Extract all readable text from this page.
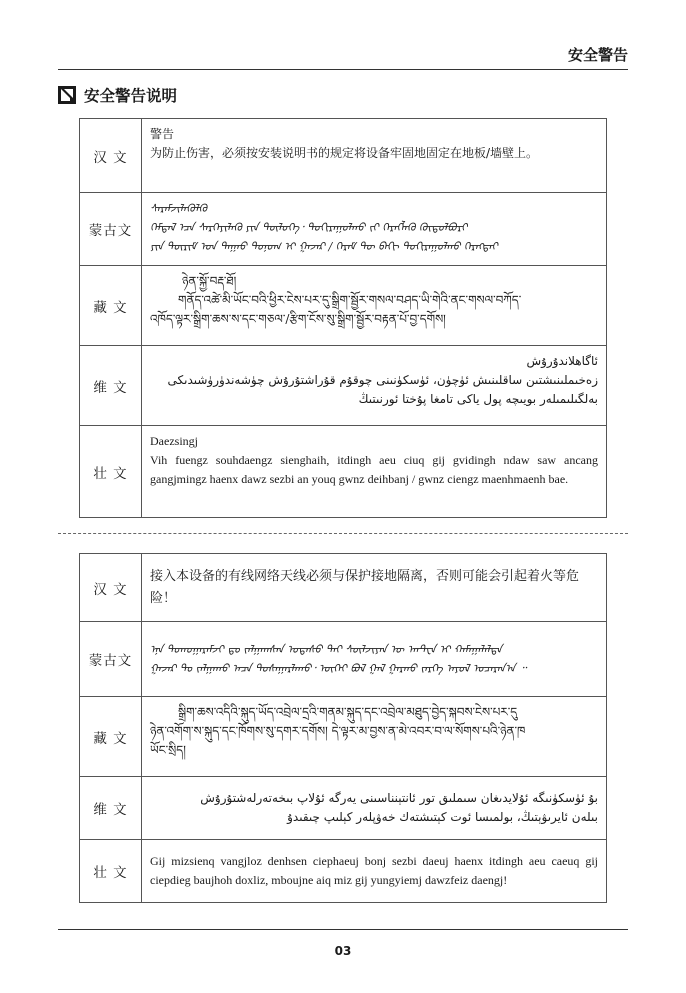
安全警告
安全警告说明
汉 文	警告
为防止伤害，必须按安装说明书的规定将设备牢固地固定在地板/墙壁上。

蒙古文	ᠰᠡᠷᠡᠮᠵᠢᠯᠡᠭᠦᠯᠬᠦ
ᠭᠡᠮᠲᠡᠯ ᠡᠴᠡ ᠰᠡᠷᠭᠡᠶᠢᠯᠡᠬᠦ ᠶᠢᠨ ᠲᠥᠯᠦᠭᠡ᠂ ᠲᠤᠬᠢᠷᠠᠭᠤᠯᠬᠤ ᠵᠢ ᠬᠡᠷᠡᠭᠯᠡᠬᠦ ᠬᠥᠲᠥᠯᠪᠦᠷᠢ
ᠶᠢᠨ ᠳᠦᠷᠢᠮ ᠤᠨ ᠳᠠᠭᠠᠤ ᠲᠣᠨᠣᠭ ᠢ ᠭᠠᠵᠠᠷ / ᠬᠡᠷᠡᠮ ᠲᠦ ᠪᠡᠬᠢ ᠲᠤᠬᠢᠷᠠᠭᠤᠯᠬᠤ ᠬᠡᠷᠡᠭᠲᠡᠢ

藏 文	ཉེན་སྐྱོ་བརྡ་ཐོ།
གནོད་འཚེ་མི་ཡོང་བའི་ཕྱིར་ངེས་པར་དུ་སྒྲིག་སྦྱོར་གསལ་བཤད་ཡི་གེའི་ནང་གསལ་བཀོད་
འཁོད་ལྟར་སྒྲིག་ཆས་ས་དང་གཅལ་/རྩིག་ངོས་སུ་སྒྲིག་སྦྱོར་བརྟན་པོ་བྱ་དགོས།

维 文	ئاگاھلاندۇرۇش
زەخىملىنىشتىن ساقلىنىش ئۈچۈن، ئۈسكۈنىنى چوقۇم قۇراشتۇرۇش چۈشەندۈرۈشىدىكى
بەلگىلىمىلەر بويىچە پول ياكى تامغا پۇختا ئورنىتىڭ

壮 文	Daezsingj
Vih fuengz souhdaengz sienghaih, itdingh aeu ciuq gij gvidingh ndaw saw ancang gangjmingz haenx dawz sezbi an youq gwnz deihbanj / gwnz ciengz maenhmaenh bae.
汉 文	接入本设备的有线网络天线必须与保护接地隔离，否则可能会引起着火等危险！

蒙古文	ᠡᠨᠡ ᠲᠤᠬᠤᠭᠠᠷᠠᠮᠵᠢ ᠳᠤ ᠵᠠᠯᠭᠠᠭᠰᠠᠨ ᠤᠲᠠᠰᠤ ᠲᠠᠢ ᠰᠦᠯᠵᠢᠶᠡᠨ ᠦ ᠠᠨᠲ᠋ᠧᠨ ᠢ ᠬᠠᠮᠠᠭᠠᠯᠠᠯᠲᠠ
ᠭᠠᠵᠠᠷ ᠲᠤ ᠵᠠᠯᠭᠠᠬᠤ ᠠᠴᠠ ᠲᠤᠰᠠᠭᠠᠷᠯᠠᠬᠤ᠂ ᠦᠭᠡᠢ ᠪᠣᠯ ᠭᠠᠯ ᠭᠠᠷᠬᠤ ᠵᠡᠷᠭᠡ ᠠᠶᠤᠯ ᠤᠴᠠᠷᠠᠨ᠎ᠠ ᠃

藏 文	སྒྲིག་ཆས་འདིའི་སྐུད་ཡོད་འབྲེལ་དྲའི་གནམ་སྐུད་དང་འབྲེལ་མཐུད་བྱེད་སྐབས་ངེས་པར་དུ
ཉེན་འགོག་ས་སྐུད་དང་ཁོགས་སུ་དགར་དགོས། དེ་ལྟར་མ་བྱས་ན་མེ་འབར་བ་ལ་སོགས་པའི་ཉེན་ཁ
ཡོང་སྲིད།

维 文	بۇ ئۈسكۈنىگە ئۇلايدىغان سىملىق تور ئانتېنناسىنى يەرگە ئۇلاپ بىخەتەرلەشتۇرۇش
بىلەن ئايرىۋېتىڭ، بولمىسا ئوت كېتىشتەك خەۋپلەر كېلىپ چىقىدۇ

壮 文	Gij mizsienq vangjloz denhsen ciephaeuj bonj sezbi daeuj haenx itdingh aeu caeuq gij ciepdieg baujhoh doxliz, mboujne aiq miz gij yungyiemj dawzfeiz daengj!
03
